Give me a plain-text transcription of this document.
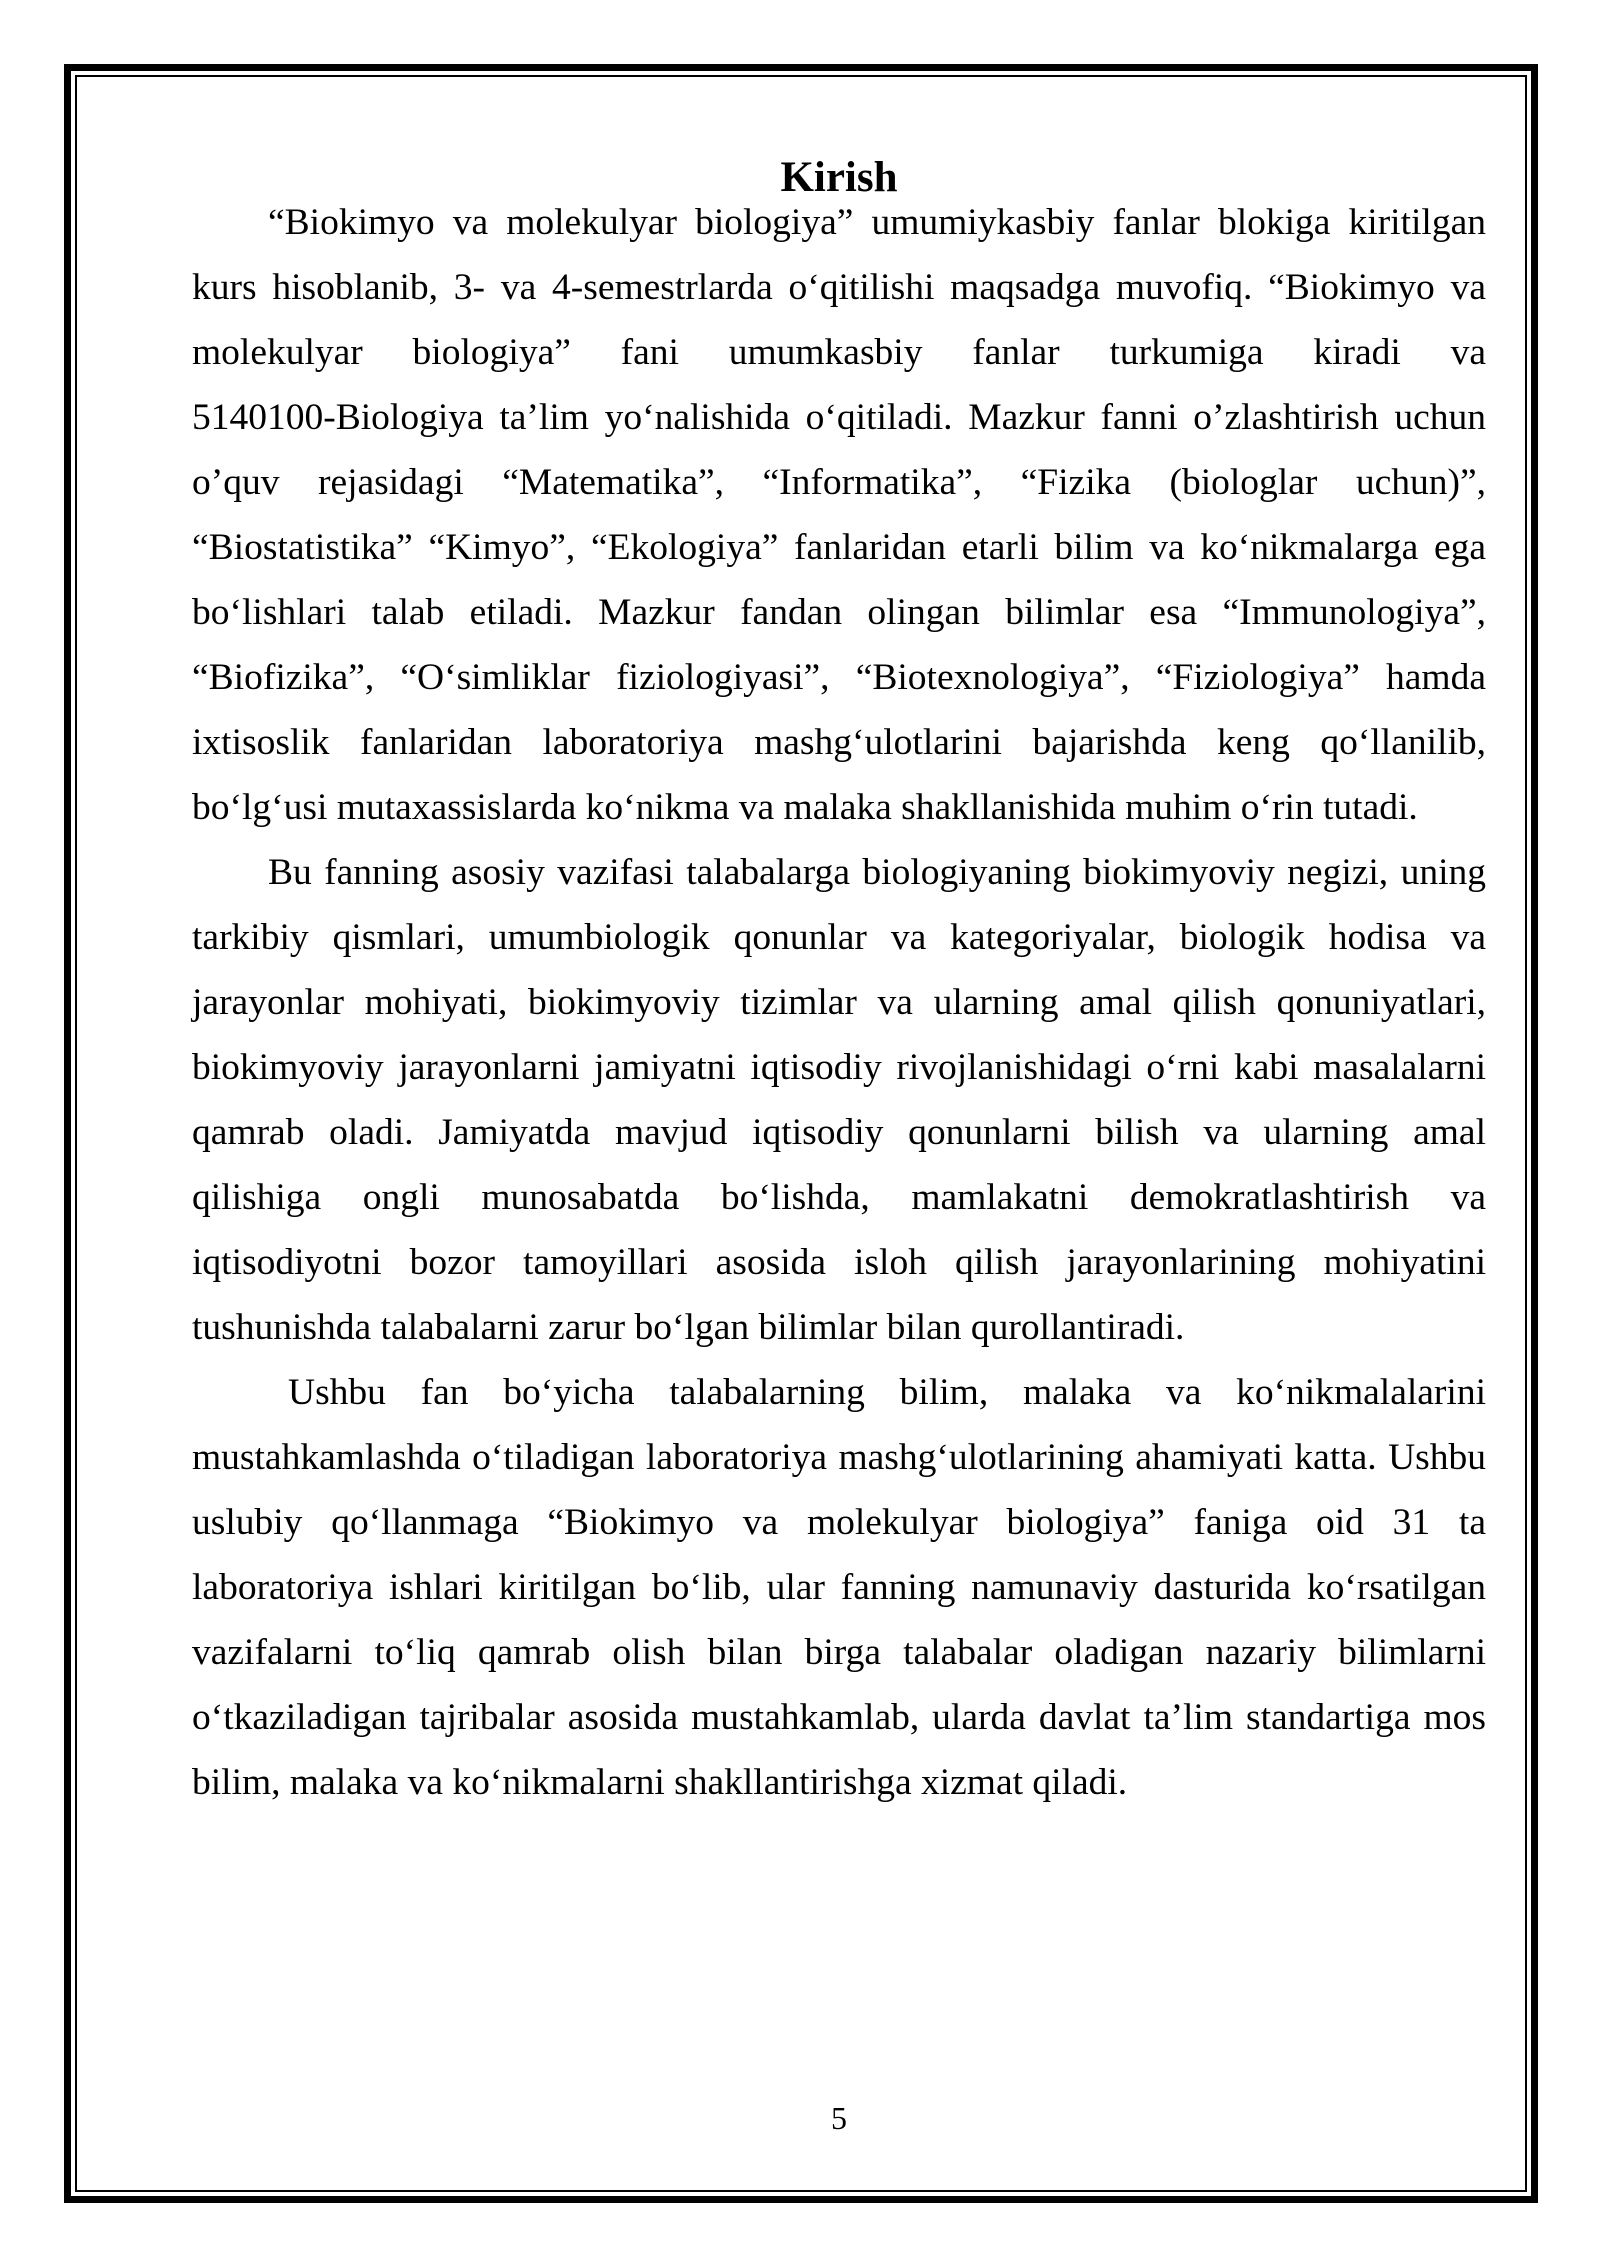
Kirish
“Biokimyo va molekulyar biologiya” umumiykasbiy fanlar blokiga kiritilgan
kurs hisoblanib, 3- va 4-semestrlarda o‘qitilishi maqsadga muvofiq. “Biokimyo va
molekulyar biologiya” fani umumkasbiy fanlar turkumiga kiradi va
5140100-Biologiya ta’lim yo‘nalishida o‘qitiladi. Mazkur fanni o’zlashtirish uchun
o’quv rejasidagi “Matematika”, “Informatika”, “Fizika (biologlar uchun)”,
“Biostatistika” “Kimyo”, “Ekologiya” fanlaridan etarli bilim va ko‘nikmalarga ega
bo‘lishlari talab etiladi. Mazkur fandan olingan bilimlar esa “Immunologiya”,
“Biofizika”, “O‘simliklar fiziologiyasi”, “Biotexnologiya”, “Fiziologiya” hamda
ixtisoslik fanlaridan laboratoriya mashg‘ulotlarini bajarishda keng qo‘llanilib,
bo‘lg‘usi mutaxassislarda ko‘nikma va malaka shakllanishida muhim o‘rin tutadi.
Bu fanning asosiy vazifasi talabalarga biologiyaning biokimyoviy negizi, uning
tarkibiy qismlari, umumbiologik qonunlar va kategoriyalar, biologik hodisa va
jarayonlar mohiyati, biokimyoviy tizimlar va ularning amal qilish qonuniyatlari,
biokimyoviy jarayonlarni jamiyatni iqtisodiy rivojlanishidagi o‘rni kabi masalalarni
qamrab oladi. Jamiyatda mavjud iqtisodiy qonunlarni bilish va ularning amal
qilishiga ongli munosabatda bo‘lishda, mamlakatni demokratlashtirish va
iqtisodiyotni bozor tamoyillari asosida isloh qilish jarayonlarining mohiyatini
tushunishda talabalarni zarur bo‘lgan bilimlar bilan qurollantiradi.
Ushbu fan bo‘yicha talabalarning bilim, malaka va ko‘nikmalalarini
mustahkamlashda o‘tiladigan laboratoriya mashg‘ulotlarining ahamiyati katta. Ushbu
uslubiy qo‘llanmaga “Biokimyo va molekulyar biologiya” faniga oid 31 ta
laboratoriya ishlari kiritilgan bo‘lib, ular fanning namunaviy dasturida ko‘rsatilgan
vazifalarni to‘liq qamrab olish bilan birga talabalar oladigan nazariy bilimlarni
o‘tkaziladigan tajribalar asosida mustahkamlab, ularda davlat ta’lim standartiga mos
bilim, malaka va ko‘nikmalarni shakllantirishga xizmat qiladi.
5
